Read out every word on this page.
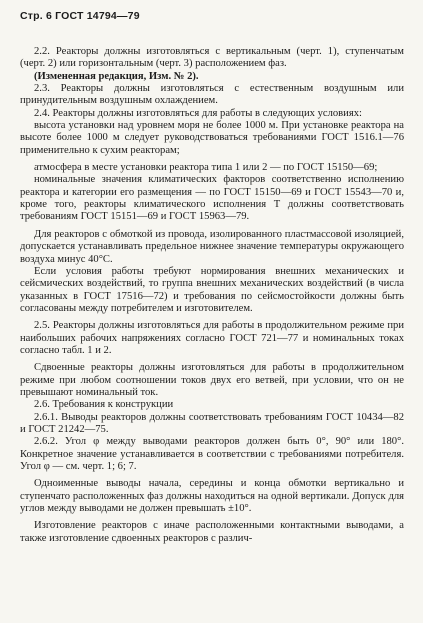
Стр. 6 ГОСТ 14794—79

2.2. Реакторы должны изготовляться с вертикальным (черт. 1), ступенчатым (черт. 2) или горизонтальным (черт. 3) расположением фаз.

(Измененная редакция, Изм. № 2).

2.3. Реакторы должны изготовляться с естественным воздушным или принудительным воздушным охлаждением.

2.4. Реакторы должны изготовляться для работы в следующих условиях:

высота установки над уровнем моря не более 1000 м. При установке реактора на высоте более 1000 м следует руководствоваться требованиями ГОСТ 1516.1—76 применительно к сухим реакторам;

атмосфера в месте установки реактора типа 1 или 2 — по ГОСТ 15150—69;

номинальные значения климатических факторов соответственно исполнению реактора и категории его размещения — по ГОСТ 15150—69 и ГОСТ 15543—70 и, кроме того, реакторы климатического исполнения Т должны соответствовать требованиям ГОСТ 15151—69 и ГОСТ 15963—79.

Для реакторов с обмоткой из провода, изолированного пластмассовой изоляцией, допускается устанавливать предельное нижнее значение температуры окружающего воздуха минус 40°С.

Если условия работы требуют нормирования внешних механических и сейсмических воздействий, то группа внешних механических воздействий (в числа указанных в ГОСТ 17516—72) и требования по сейсмостойкости должны быть согласованы между потребителем и изготовителем.

2.5. Реакторы должны изготовляться для работы в продолжительном режиме при наибольших рабочих напряжениях согласно ГОСТ 721—77 и номинальных токах согласно табл. 1 и 2.

Сдвоенные реакторы должны изготовляться для работы в продолжительном режиме при любом соотношении токов двух его ветвей, при условии, что он не превышают номинальный ток.

2.6. Требования к конструкции

2.6.1. Выводы реакторов должны соответствовать требованиям ГОСТ 10434—82 и ГОСТ 21242—75.

2.6.2. Угол φ между выводами реакторов должен быть 0°, 90° или 180°. Конкретное значение устанавливается в соответствии с требованиями потребителя. Угол φ — см. черт. 1; 6; 7.

Одноименные выводы начала, середины и конца обмотки вертикально и ступенчато расположенных фаз должны находиться на одной вертикали. Допуск для углов между выводами не должен превышать ±10°.

Изготовление реакторов с иначе расположенными контактными выводами, а также изготовление сдвоенных реакторов с различ-
